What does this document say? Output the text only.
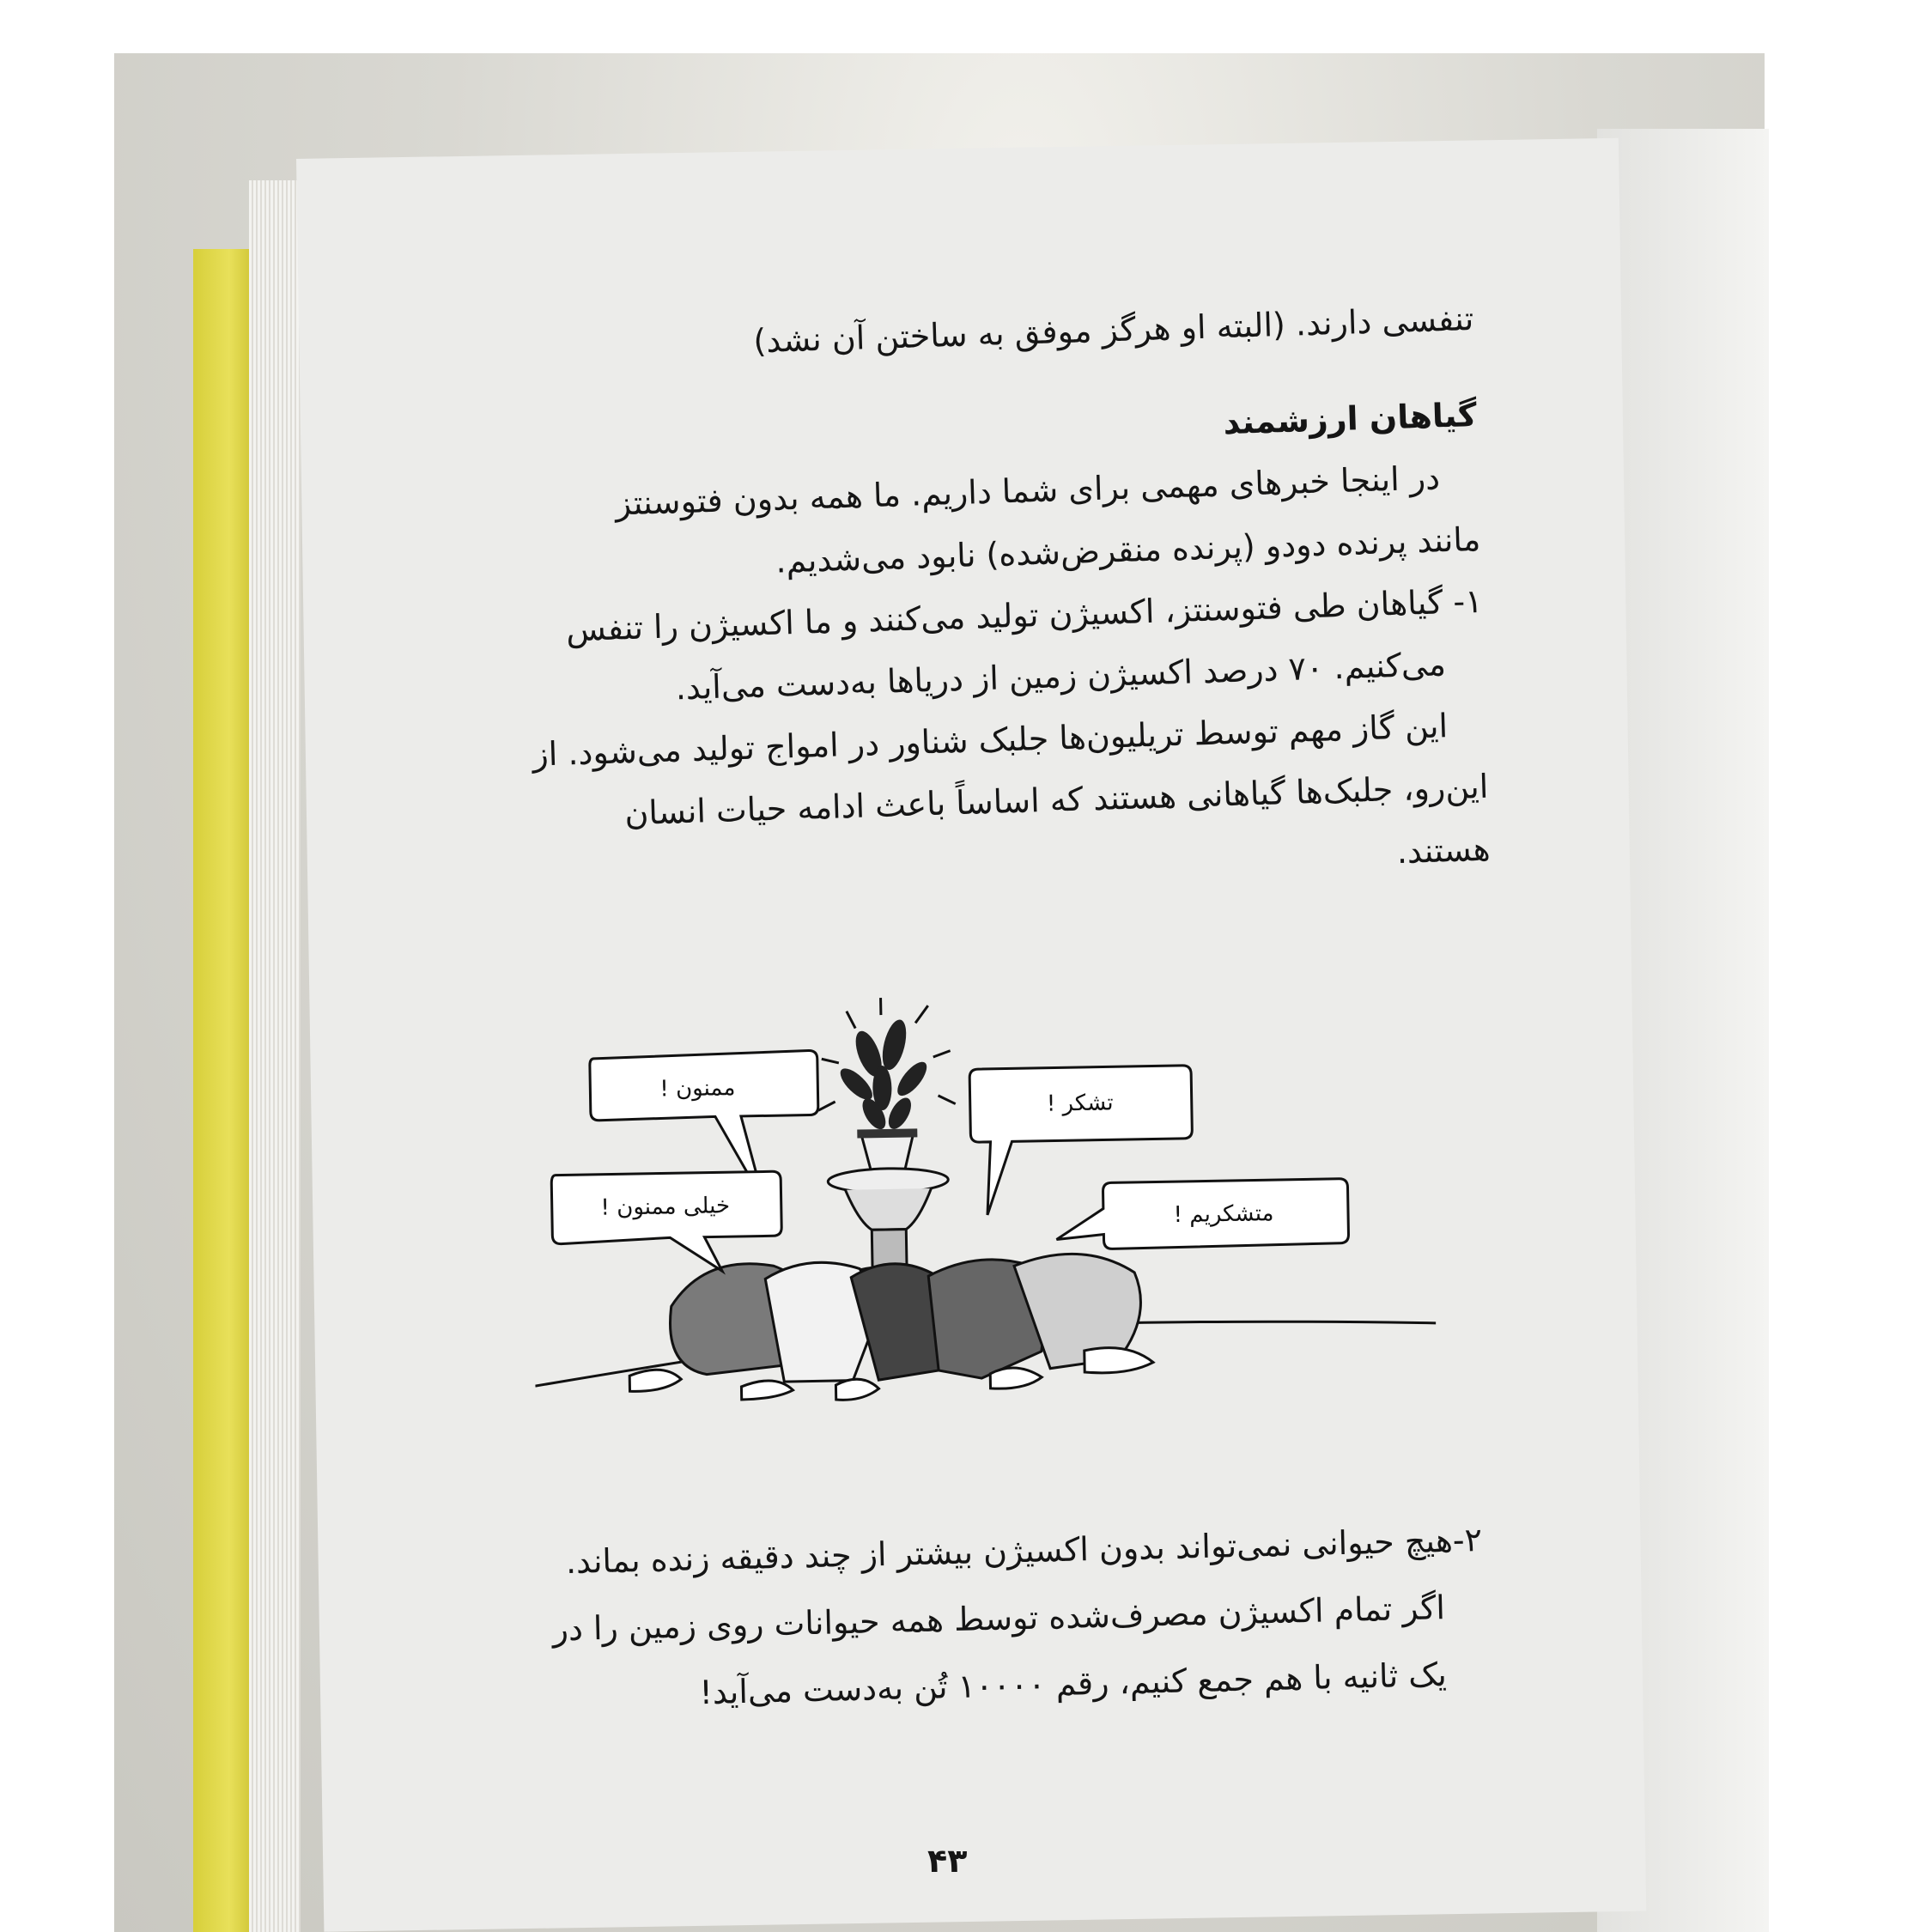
تنفسی دارند. (البته او هرگز موفق به ساختن آن نشد)

گیاهان ارزشمند

در اینجا خبرهای مهمی برای شما داریم. ما همه بدون فتوسنتز

مانند پرنده دودو (پرنده منقرض‌شده) نابود می‌شدیم.

۱- گیاهان طی فتوسنتز، اکسیژن تولید می‌کنند و ما اکسیژن را تنفس

می‌کنیم. ۷۰ درصد اکسیژن زمین از دریاها به‌دست می‌آید.

این گاز مهم توسط تریلیون‌ها جلبک شناور در امواج تولید می‌شود. از

این‌رو، جلبک‌ها گیاهانی هستند که اساساً باعث ادامه حیات انسان

هستند.

ممنون !
تشکر !
خیلی ممنون !	متشکریم !

۲-هیچ حیوانی نمی‌تواند بدون اکسیژن بیشتر از چند دقیقه زنده بماند.

اگر تمام اکسیژن مصرف‌شده توسط همه حیوانات روی زمین را در

یک ثانیه با هم جمع کنیم، رقم ۱۰۰۰۰ تُن به‌دست می‌آید!

۴۳
